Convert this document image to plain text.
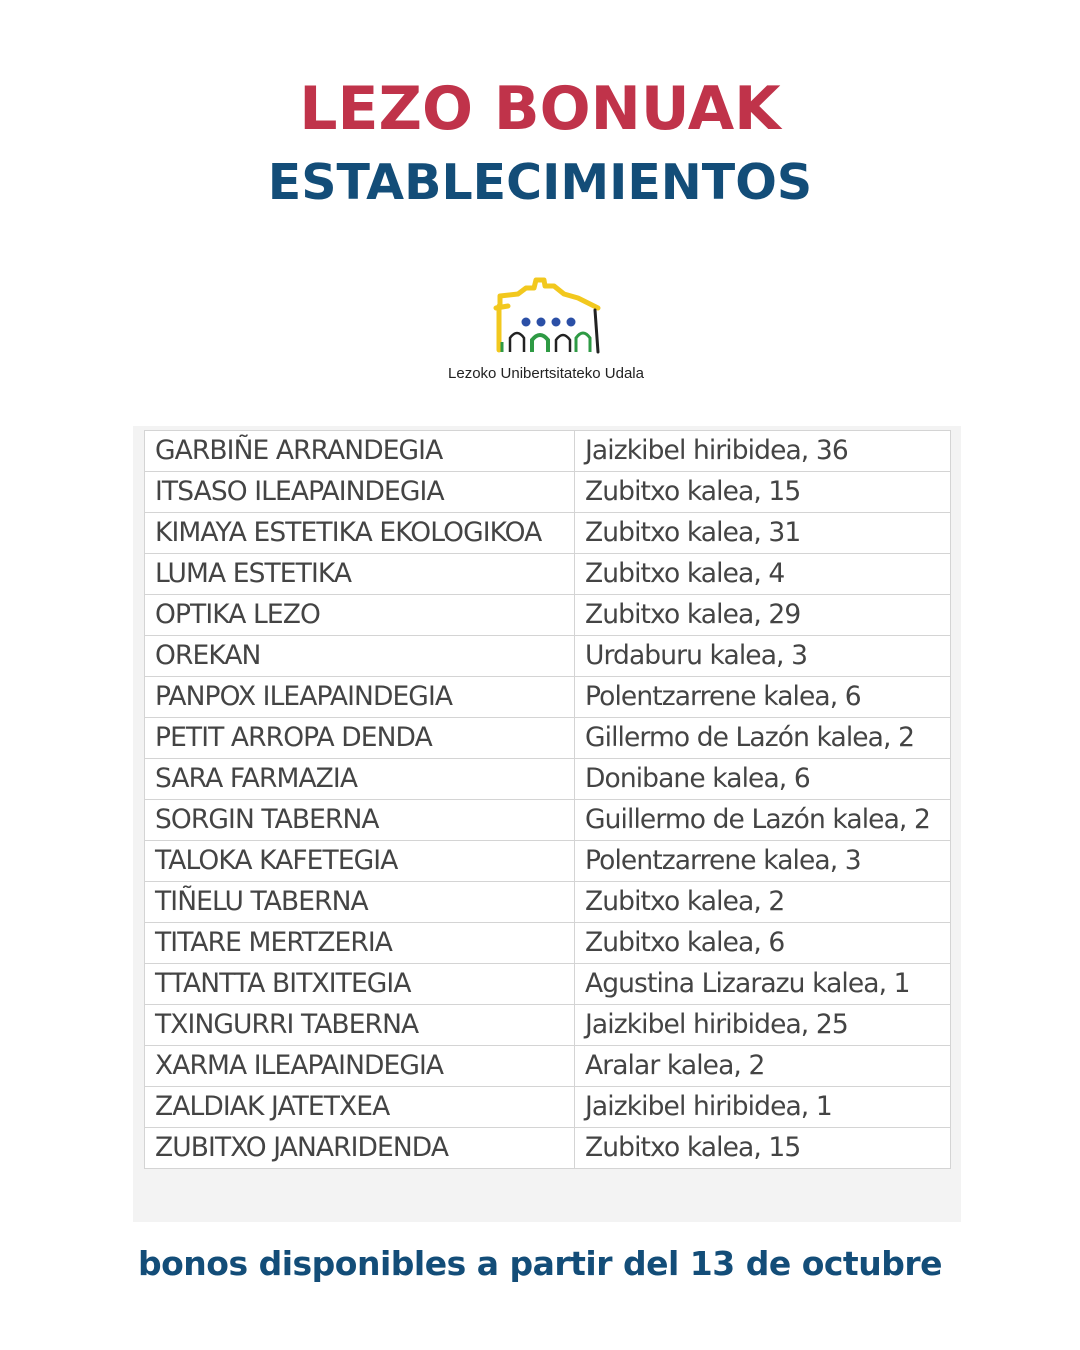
LEZO BONUAK
ESTABLECIMIENTOS
Lezoko Unibertsitateko Udala
GARBIÑE ARRANDEGIA	Jaizkibel hiribidea, 36
ITSASO ILEAPAINDEGIA	Zubitxo kalea, 15
KIMAYA ESTETIKA EKOLOGIKOA	Zubitxo kalea, 31
LUMA ESTETIKA	Zubitxo kalea, 4
OPTIKA LEZO	Zubitxo kalea, 29
OREKAN	Urdaburu kalea, 3
PANPOX ILEAPAINDEGIA	Polentzarrene kalea, 6
PETIT ARROPA DENDA	Gillermo de Lazón kalea, 2
SARA FARMAZIA	Donibane kalea, 6
SORGIN TABERNA	Guillermo de Lazón kalea, 2
TALOKA KAFETEGIA	Polentzarrene kalea, 3
TIÑELU TABERNA	Zubitxo kalea, 2
TITARE MERTZERIA	Zubitxo kalea, 6
TTANTTA BITXITEGIA	Agustina Lizarazu kalea, 1
TXINGURRI TABERNA	Jaizkibel hiribidea, 25
XARMA ILEAPAINDEGIA	Aralar kalea, 2
ZALDIAK JATETXEA	Jaizkibel hiribidea, 1
ZUBITXO JANARIDENDA	Zubitxo kalea, 15
bonos disponibles a partir del 13 de octubre
